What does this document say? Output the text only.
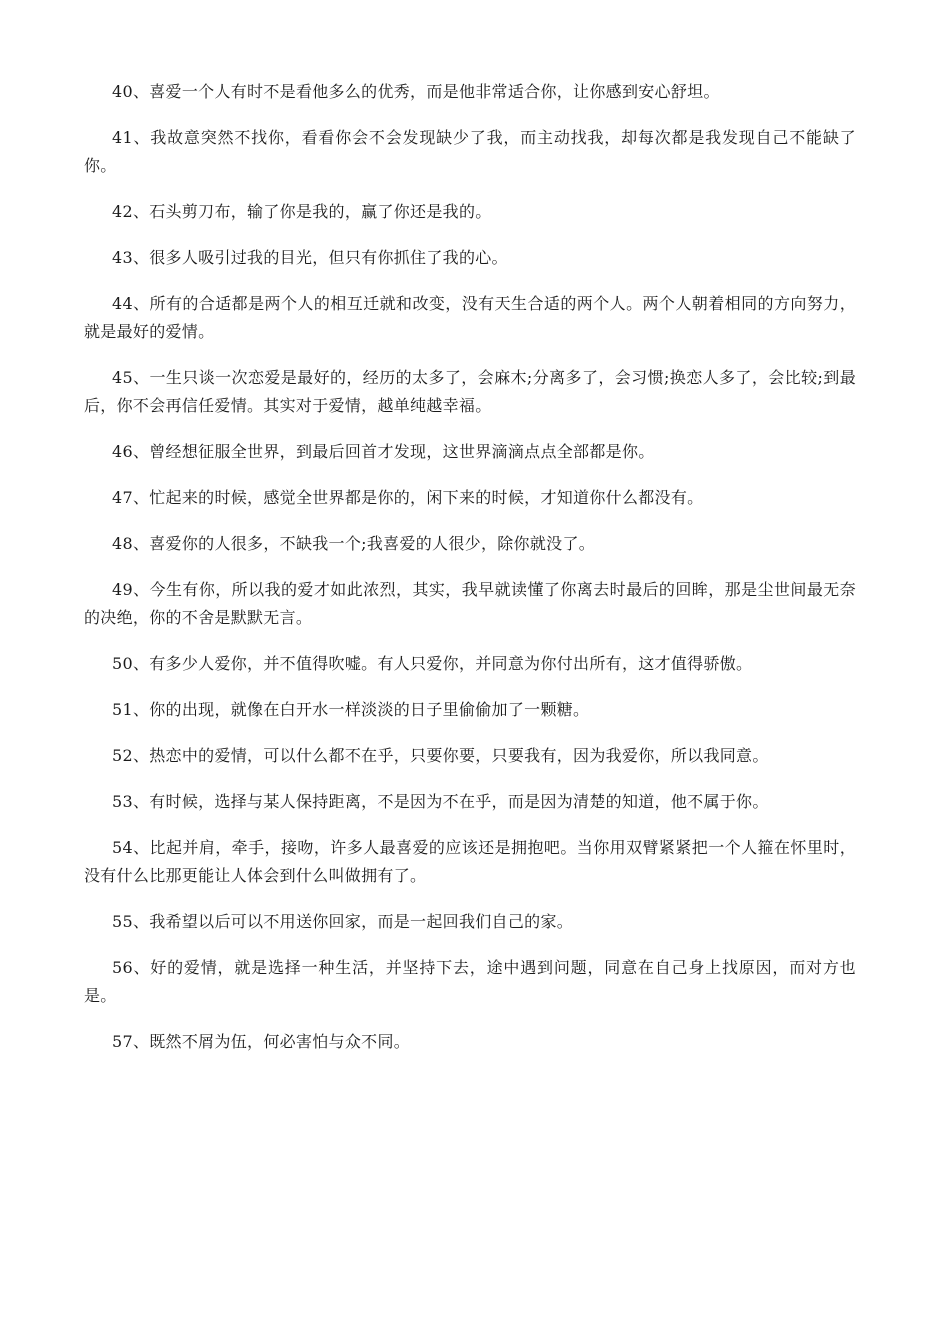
40、喜爱一个人有时不是看他多么的优秀，而是他非常适合你，让你感到安心舒坦。

41、我故意突然不找你，看看你会不会发现缺少了我，而主动找我，却每次都是我发现自己不能缺了你。

42、石头剪刀布，输了你是我的，赢了你还是我的。

43、很多人吸引过我的目光，但只有你抓住了我的心。

44、所有的合适都是两个人的相互迁就和改变，没有天生合适的两个人。两个人朝着相同的方向努力，就是最好的爱情。

45、一生只谈一次恋爱是最好的，经历的太多了，会麻木;分离多了，会习惯;换恋人多了，会比较;到最后，你不会再信任爱情。其实对于爱情，越单纯越幸福。

46、曾经想征服全世界，到最后回首才发现，这世界滴滴点点全部都是你。

47、忙起来的时候，感觉全世界都是你的，闲下来的时候，才知道你什么都没有。

48、喜爱你的人很多，不缺我一个;我喜爱的人很少，除你就没了。

49、今生有你，所以我的爱才如此浓烈，其实，我早就读懂了你离去时最后的回眸，那是尘世间最无奈的决绝，你的不舍是默默无言。

50、有多少人爱你，并不值得吹嘘。有人只爱你，并同意为你付出所有，这才值得骄傲。

51、你的出现，就像在白开水一样淡淡的日子里偷偷加了一颗糖。

52、热恋中的爱情，可以什么都不在乎，只要你要，只要我有，因为我爱你，所以我同意。

53、有时候，选择与某人保持距离，不是因为不在乎，而是因为清楚的知道，他不属于你。

54、比起并肩，牵手，接吻，许多人最喜爱的应该还是拥抱吧。当你用双臂紧紧把一个人箍在怀里时，没有什么比那更能让人体会到什么叫做拥有了。

55、我希望以后可以不用送你回家，而是一起回我们自己的家。

56、好的爱情，就是选择一种生活，并坚持下去，途中遇到问题，同意在自己身上找原因，而对方也是。

57、既然不屑为伍，何必害怕与众不同。
